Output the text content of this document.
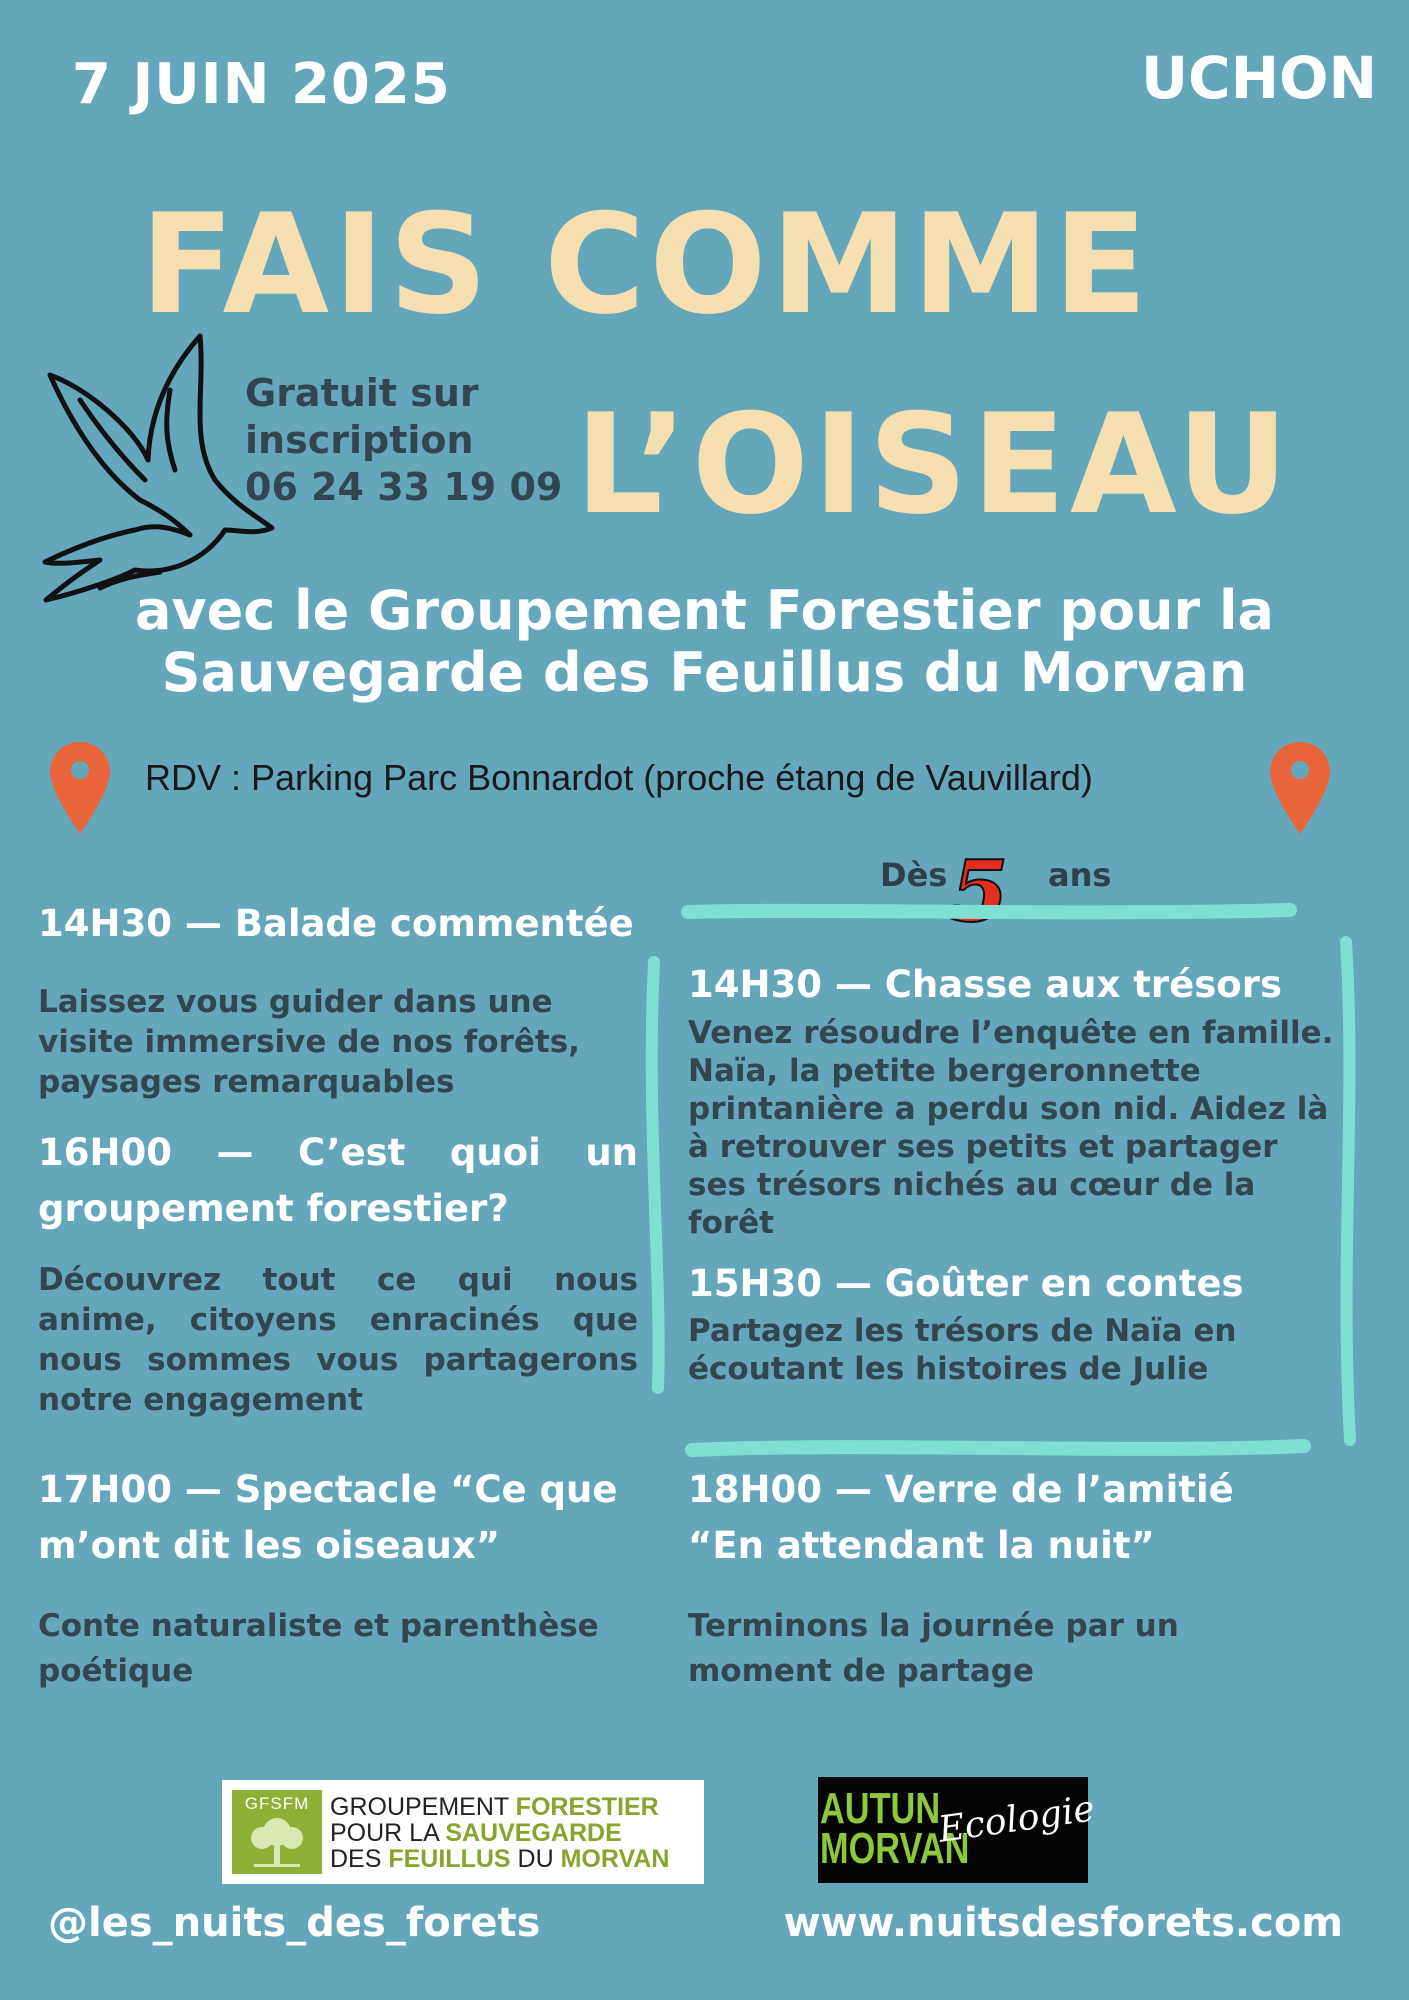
7 JUIN 2025	UCHON
FAIS COMME
L’OISEAU
Gratuit sur
inscription
06 24 33 19 09
avec le Groupement Forestier pour la
Sauvegarde des Feuillus du Morvan
RDV : Parking Parc Bonnardot (proche étang de Vauvillard)
Dès 5 ans
14H30 — Balade commentée
Laissez vous guider dans une visite immersive de nos forêts, paysages remarquables
16H00 — C’est quoi un groupement forestier?
Découvrez tout ce qui nous anime, citoyens enracinés que nous sommes vous partagerons notre engagement
17H00 — Spectacle “Ce que m’ont dit les oiseaux”
Conte naturaliste et parenthèse poétique
14H30 — Chasse aux trésors
Venez résoudre l’enquête en famille. Naïa, la petite bergeronnette printanière a perdu son nid. Aidez là à retrouver ses petits et partager ses trésors nichés au cœur de la forêt
15H30 — Goûter en contes
Partagez les trésors de Naïa en écoutant les histoires de Julie
18H00 — Verre de l’amitié “En attendant la nuit”
Terminons la journée par un moment de partage
GFSFM GROUPEMENT FORESTIER
POUR LA SAUVEGARDE
DES FEUILLUS DU MORVAN
AUTUN
MORVAN
Ecologie
@les_nuits_des_forets	www.nuitsdesforets.com
